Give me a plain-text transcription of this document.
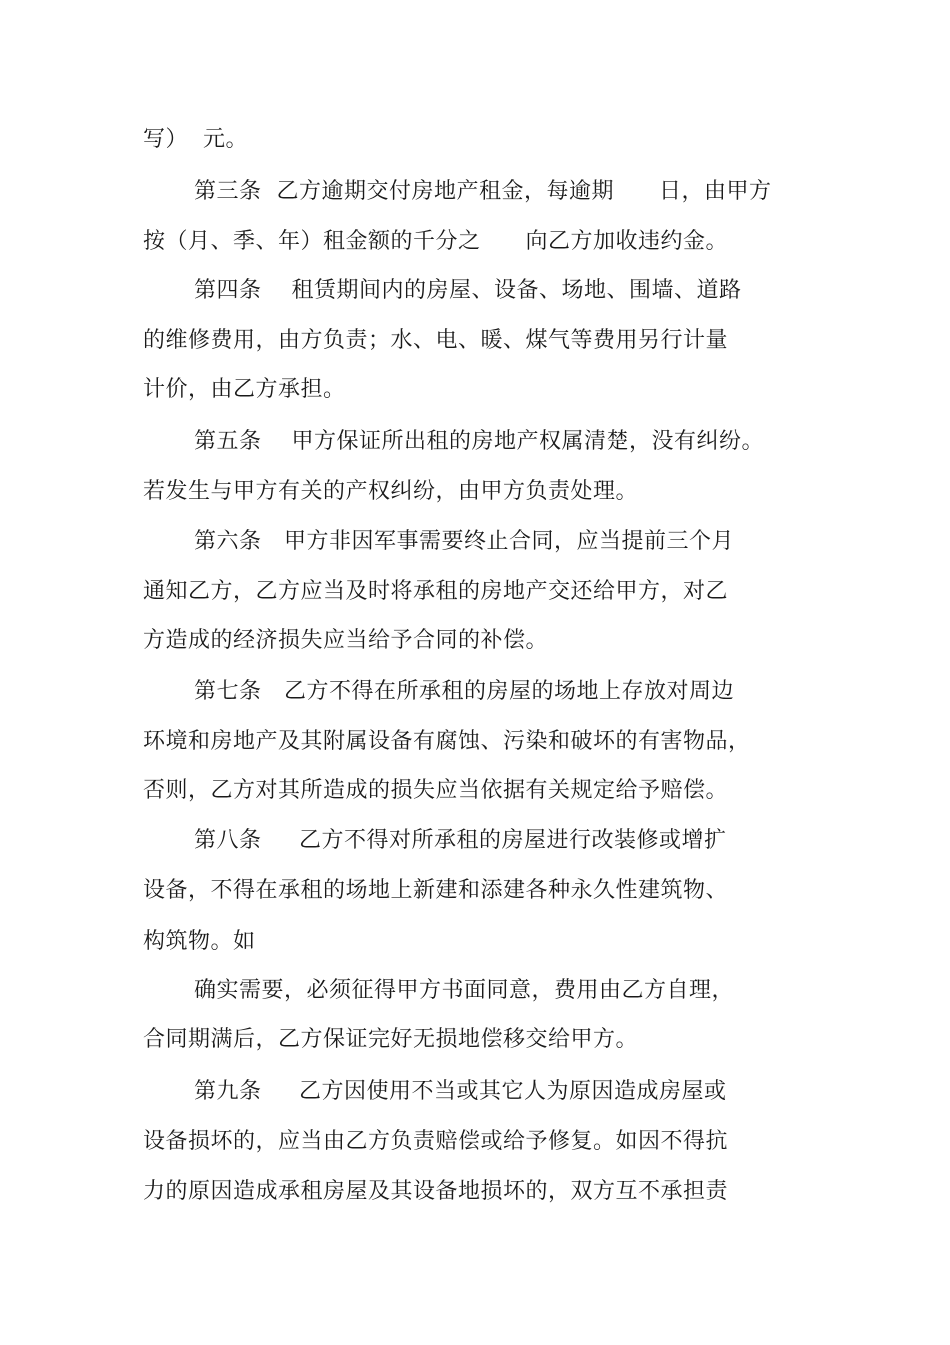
写）  元。
第三条  乙方逾期交付房地产租金，每逾期      日，由甲方
按（月、季、年）租金额的千分之      向乙方加收违约金。
第四条    租赁期间内的房屋、设备、场地、围墙、道路
的维修费用，由方负责；水、电、暖、煤气等费用另行计量
计价，由乙方承担。
第五条    甲方保证所出租的房地产权属清楚，没有纠纷。
若发生与甲方有关的产权纠纷，由甲方负责处理。
第六条   甲方非因军事需要终止合同，应当提前三个月
通知乙方，乙方应当及时将承租的房地产交还给甲方，对乙
方造成的经济损失应当给予合同的补偿。
第七条   乙方不得在所承租的房屋的场地上存放对周边
环境和房地产及其附属设备有腐蚀、污染和破坏的有害物品，
否则，乙方对其所造成的损失应当依据有关规定给予赔偿。
第八条     乙方不得对所承租的房屋进行改装修或增扩
设备，不得在承租的场地上新建和添建各种永久性建筑物、
构筑物。如
确实需要，必须征得甲方书面同意，费用由乙方自理，
合同期满后，乙方保证完好无损地偿移交给甲方。
第九条     乙方因使用不当或其它人为原因造成房屋或
设备损坏的，应当由乙方负责赔偿或给予修复。如因不得抗
力的原因造成承租房屋及其设备地损坏的，双方互不承担责
